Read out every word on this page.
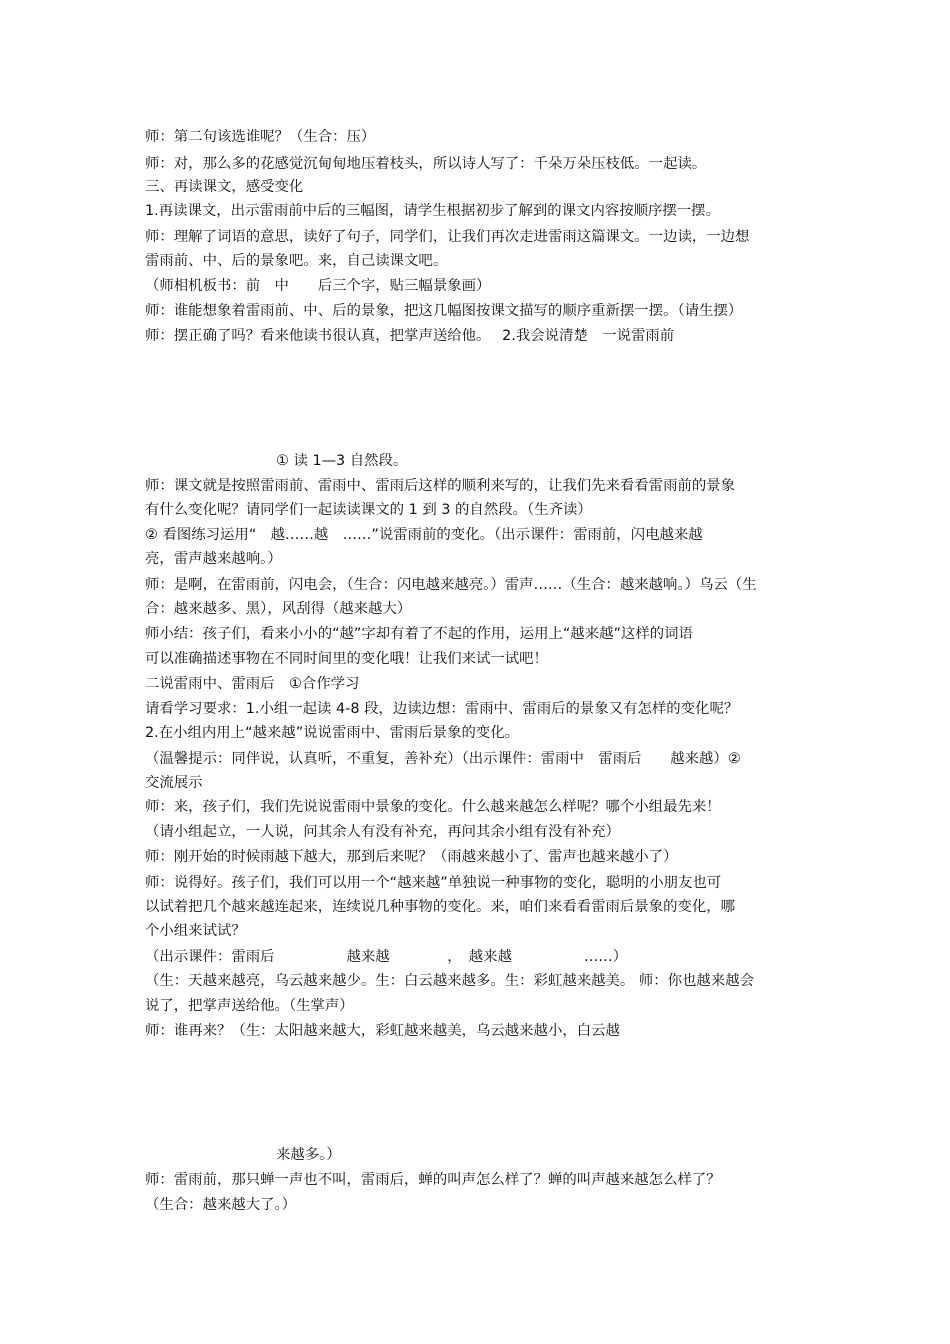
师：第二句该选谁呢？（生合：压）

师：对，那么多的花感觉沉甸甸地压着枝头，所以诗人写了：千朵万朵压枝低。一起读。

三、再读课文，感受变化

1.再读课文，出示雷雨前中后的三幅图，请学生根据初步了解到的课文内容按顺序摆一摆。

师：理解了词语的意思，读好了句子，同学们，让我们再次走进雷雨这篇课文。一边读，一边想

雷雨前、中、后的景象吧。来，自己读课文吧。

（师相机板书：前　中　　后三个字，贴三幅景象画）

师：谁能想象着雷雨前、中、后的景象，把这几幅图按课文描写的顺序重新摆一摆。（请生摆）

师：摆正确了吗？看来他读书很认真，把掌声送给他。　 2.我会说清楚　一说雷雨前

① 读 1—3 自然段。

师：课文就是按照雷雨前、雷雨中、雷雨后这样的顺利来写的，让我们先来看看雷雨前的景象

有什么变化呢？请同学们一起读读课文的 1 到 3 的自然段。（生齐读）

② 看图练习运用“　越……越　……”说雷雨前的变化。（出示课件：雷雨前，闪电越来越

亮，雷声越来越响。）

师：是啊，在雷雨前，闪电会，（生合：闪电越来越亮。）雷声……（生合：越来越响。）乌云（生

合：越来越多、黑），风刮得（越来越大）

师小结：孩子们，看来小小的“越”字却有着了不起的作用，运用上“越来越”这样的词语

可以准确描述事物在不同时间里的变化哦！让我们来试一试吧！

二说雷雨中、雷雨后　①合作学习

请看学习要求：1.小组一起读 4-8 段，边读边想：雷雨中、雷雨后的景象又有怎样的变化呢？

2.在小组内用上“越来越”说说雷雨中、雷雨后景象的变化。

（温馨提示：同伴说，认真听，不重复，善补充）（出示课件：雷雨中　雷雨后　　越来越）②

交流展示

师：来，孩子们，我们先说说雷雨中景象的变化。什么越来越怎么样呢？哪个小组最先来！

（请小组起立，一人说，问其余人有没有补充，再问其余小组有没有补充）

师：刚开始的时候雨越下越大，那到后来呢？（雨越来越小了、雷声也越来越小了）

师：说得好。孩子们，我们可以用一个“越来越”单独说一种事物的变化，聪明的小朋友也可

以试着把几个越来越连起来，连续说几种事物的变化。来，咱们来看看雷雨后景象的变化，哪

个小组来试试？

（出示课件：雷雨后　　　　　越来越　　　　，　越来越　　　　　……）

（生：天越来越亮，乌云越来越少。生：白云越来越多。生：彩虹越来越美。 师：你也越来越会

说了，把掌声送给他。（生掌声）

师：谁再来？（生：太阳越来越大，彩虹越来越美，乌云越来越小，白云越

来越多。）

师：雷雨前，那只蝉一声也不叫，雷雨后，蝉的叫声怎么样了？蝉的叫声越来越怎么样了？

（生合：越来越大了。）
